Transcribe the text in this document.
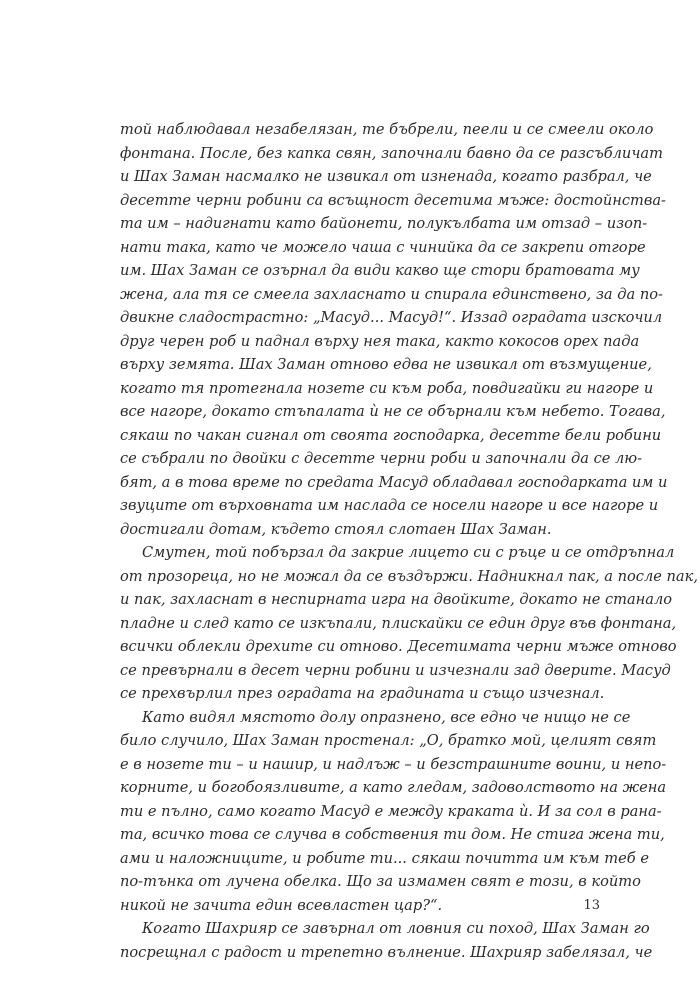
той наблюдавал незабелязан, те бъбрели, пеели и се смеели около
фонтана. После, без капка свян, започнали бавно да се разсъбличат
и Шах Заман насмалко не извикал от изненада, когато разбрал, че
десетте черни робини са всъщност десетима мъже: достойнства-
та им – надигнати като байонети, полукълбата им отзад – изоп-
нати така, като че можело чаша с чинийка да се закрепи отгоре
им. Шах Заман се озърнал да види какво ще стори братовата му
жена, ала тя се смеела захласнато и спирала единствено, за да по-
двикне сладострастно: „Масуд... Масуд!“. Иззад оградата изскочил
друг черен роб и паднал върху нея така, както кокосов орех пада
върху земята. Шах Заман отново едва не извикал от възмущение,
когато тя протегнала нозете си към роба, повдигайки ги нагоре и
все нагоре, докато стъпалата ѝ не се обърнали към небето. Тогава,
сякаш по чакан сигнал от своята господарка, десетте бели робини
се събрали по двойки с десетте черни роби и започнали да се лю-
бят, а в това време по средата Масуд обладавал господарката им и
звуците от върховната им наслада се носели нагоре и все нагоре и
достигали дотам, където стоял слотаен Шах Заман.
Смутен, той побързал да закрие лицето си с ръце и се отдръпнал
от прозореца, но не можал да се въздържи. Надникнал пак, а после пак,
и пак, захласнат в неспирната игра на двойките, докато не станало
пладне и след като се изкъпали, плискайки се един друг във фонтана,
всички облекли дрехите си отново. Десетимата черни мъже отново
се превърнали в десет черни робини и изчезнали зад дверите. Масуд
се прехвърлил през оградата на градината и също изчезнал.
Като видял мястото долу опразнено, все едно че нищо не се
било случило, Шах Заман простенал: „О, братко мой, целият свят
е в нозете ти – и нашир, и надлъж – и безстрашните воини, и непо-
корните, и богобоязливите, а като гледам, задоволството на жена
ти е пълно, само когато Масуд е между краката ѝ. И за сол в рана-
та, всичко това се случва в собствения ти дом. Не стига жена ти,
ами и наложниците, и робите ти... сякаш почитта им към теб е
по-тънка от лучена обелка. Що за измамен свят е този, в който
никой не зачита един всевластен цар?“.
Когато Шахрияр се завърнал от ловния си поход, Шах Заман го
посрещнал с радост и трепетно вълнение. Шахрияр забелязал, че
13
